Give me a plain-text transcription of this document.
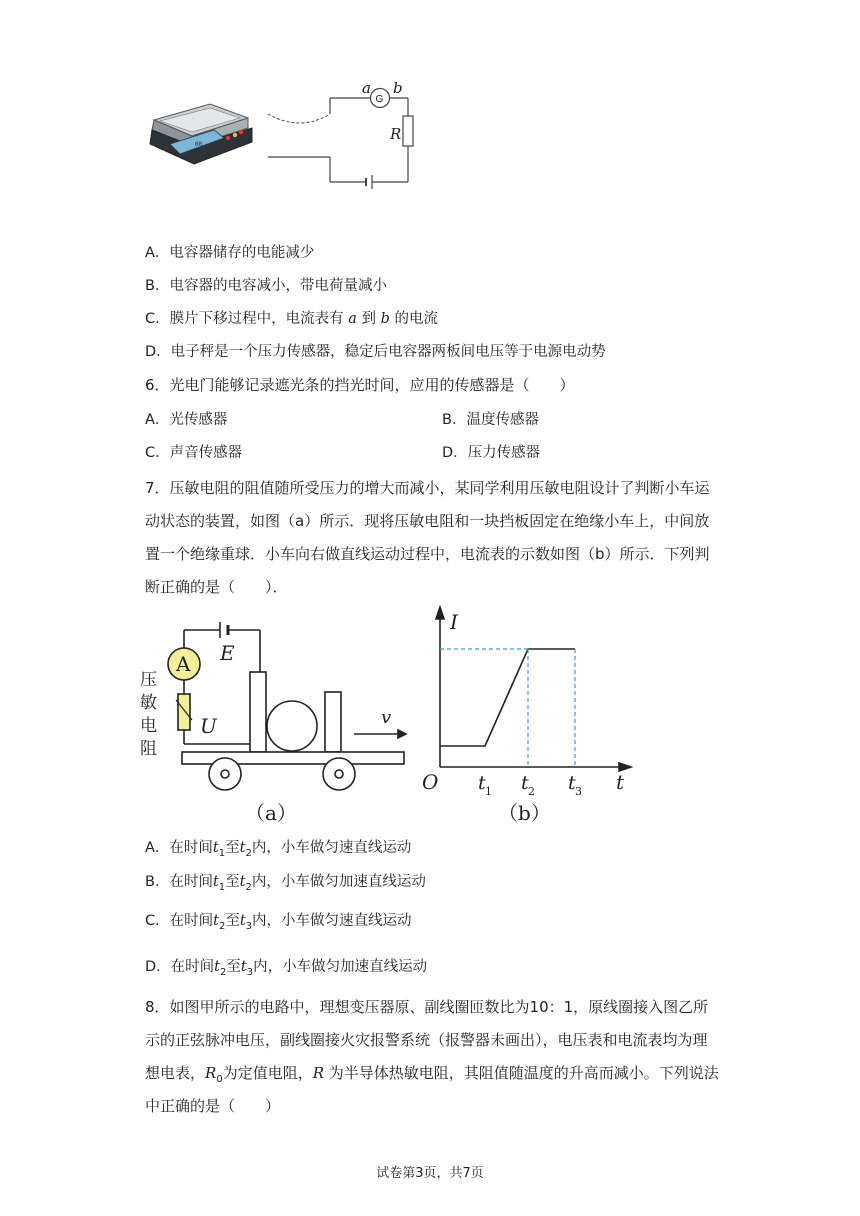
00
G
a b
R
A．电容器储存的电能减少
B．电容器的电容减小，带电荷量减小
C．膜片下移过程中，电流表有 a 到 b 的电流
D．电子秤是一个压力传感器，稳定后电容器两板间电压等于电源电动势
6．光电门能够记录遮光条的挡光时间，应用的传感器是（　　）
A．光传感器	B．温度传感器
C．声音传感器	D．压力传感器
7．压敏电阻的阻值随所受压力的增大而减小，某同学利用压敏电阻设计了判断小车运
动状态的装置，如图（a）所示．现将压敏电阻和一块挡板固定在绝缘小车上，中间放
置一个绝缘重球．小车向右做直线运动过程中，电流表的示数如图（b）所示．下列判
断正确的是（　　）．
A E
U	v
压
敏
电
阻
（a）
I
O	t
t 1 t 2 t 3
（b）
A．在时间$t_1$至$t_2$内，小车做匀速直线运动
B．在时间$t_1$至$t_2$内，小车做匀加速直线运动
C．在时间$t_2$至$t_3$内，小车做匀速直线运动
D．在时间$t_2$至$t_3$内，小车做匀加速直线运动
8．如图甲所示的电路中，理想变压器原、副线圈匝数比为10：1，原线圈接入图乙所
示的正弦脉冲电压，副线圈接火灾报警系统（报警器未画出），电压表和电流表均为理
想电表，$R_0$为定值电阻，R 为半导体热敏电阻，其阻值随温度的升高而减小。下列说法
中正确的是（　　）
试卷第3页，共7页
